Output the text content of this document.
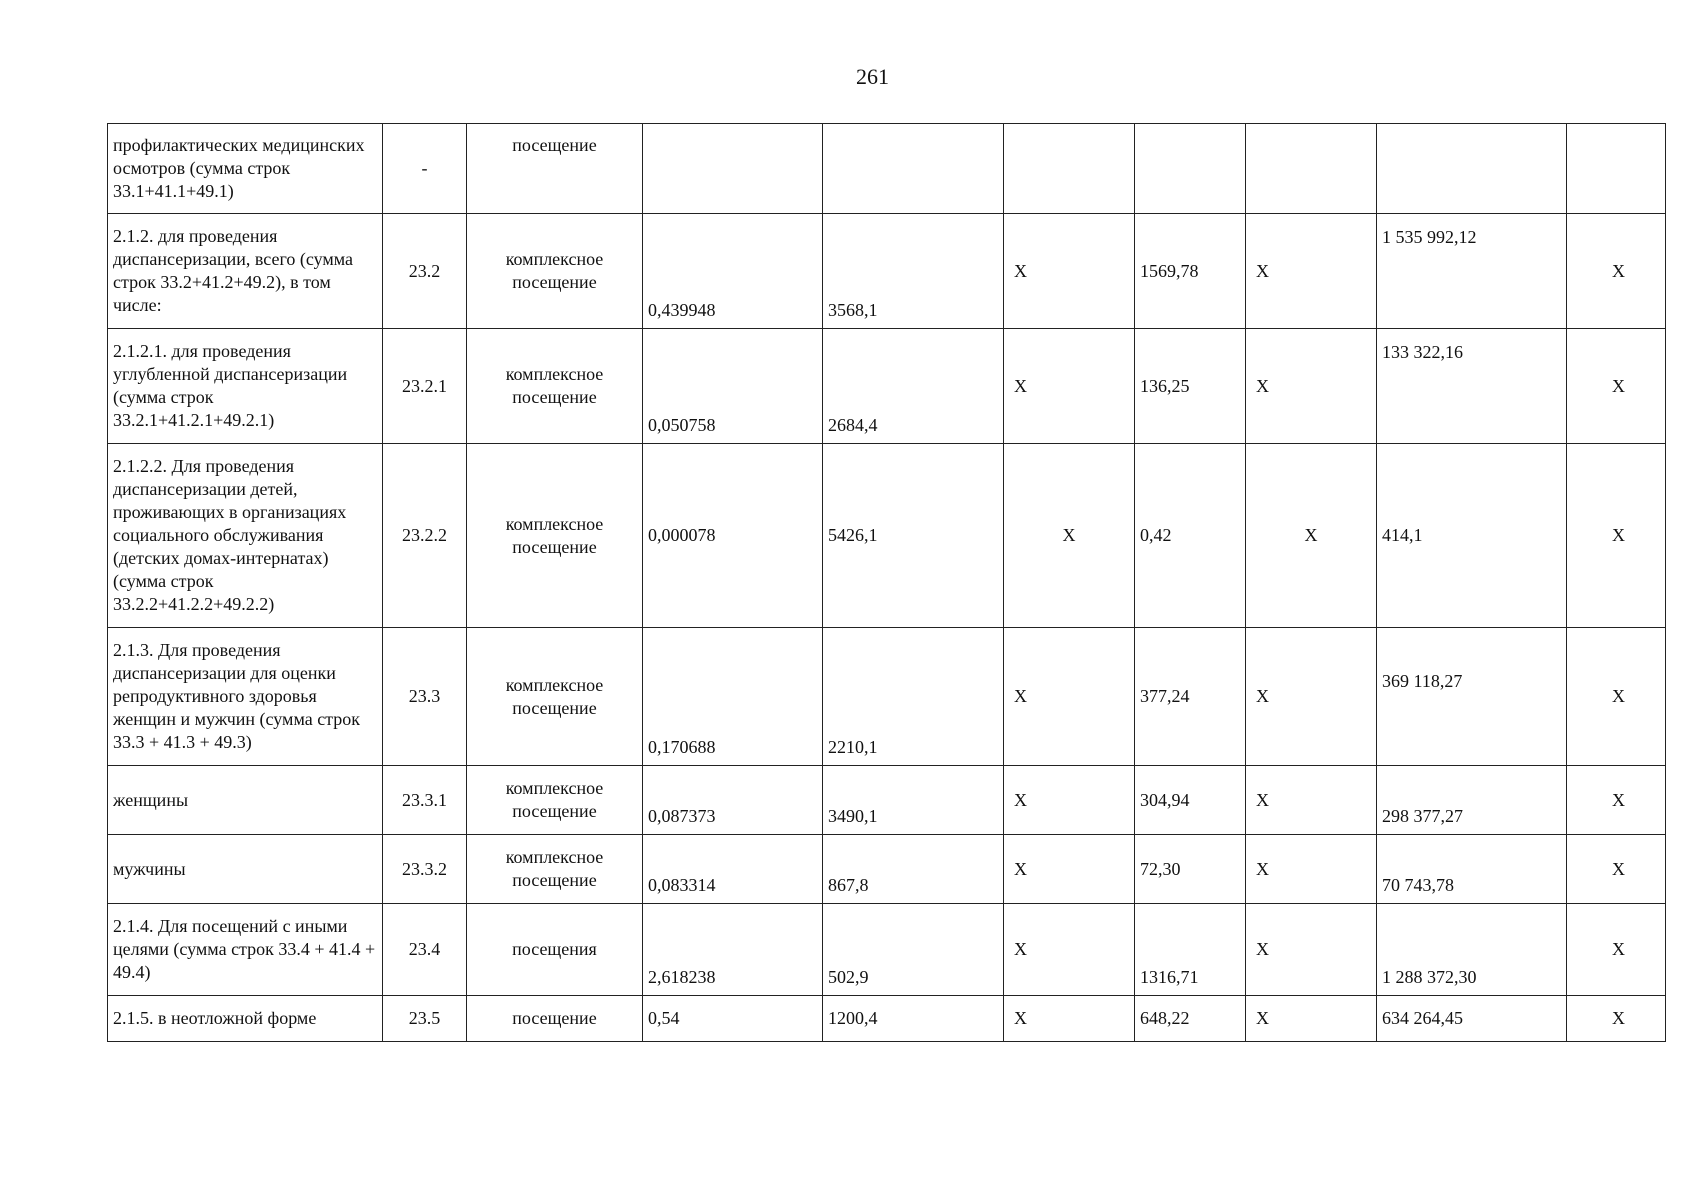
261
профилактических медицинских осмотров (сумма строк 33.1+41.1+49.1)	-	посещение							
2.1.2. для проведения диспансеризации, всего (сумма строк 33.2+41.2+49.2), в том числе:	23.2	комплексное посещение	0,439948	3568,1	X	1569,78	X	1 535 992,12	X
2.1.2.1. для проведения углубленной диспансеризации (сумма строк 33.2.1+41.2.1+49.2.1)	23.2.1	комплексное посещение	0,050758	2684,4	X	136,25	X	133 322,16	X
2.1.2.2. Для проведения диспансеризации детей, проживающих в организациях социального обслуживания (детских домах-интернатах) (сумма строк 33.2.2+41.2.2+49.2.2)	23.2.2	комплексное посещение	0,000078	5426,1	X	0,42	X	414,1	X
2.1.3. Для проведения диспансеризации для оценки репродуктивного здоровья женщин и мужчин (сумма строк 33.3 + 41.3 + 49.3)	23.3	комплексное посещение	0,170688	2210,1	X	377,24	X	369 118,27	X
женщины	23.3.1	комплексное посещение	0,087373	3490,1	X	304,94	X	298 377,27	X
мужчины	23.3.2	комплексное посещение	0,083314	867,8	X	72,30	X	70 743,78	X
2.1.4. Для посещений с иными целями (сумма строк 33.4 + 41.4 + 49.4)	23.4	посещения	2,618238	502,9	X	1316,71	X	1 288 372,30	X
2.1.5. в неотложной форме	23.5	посещение	0,54	1200,4	X	648,22	X	634 264,45	X
